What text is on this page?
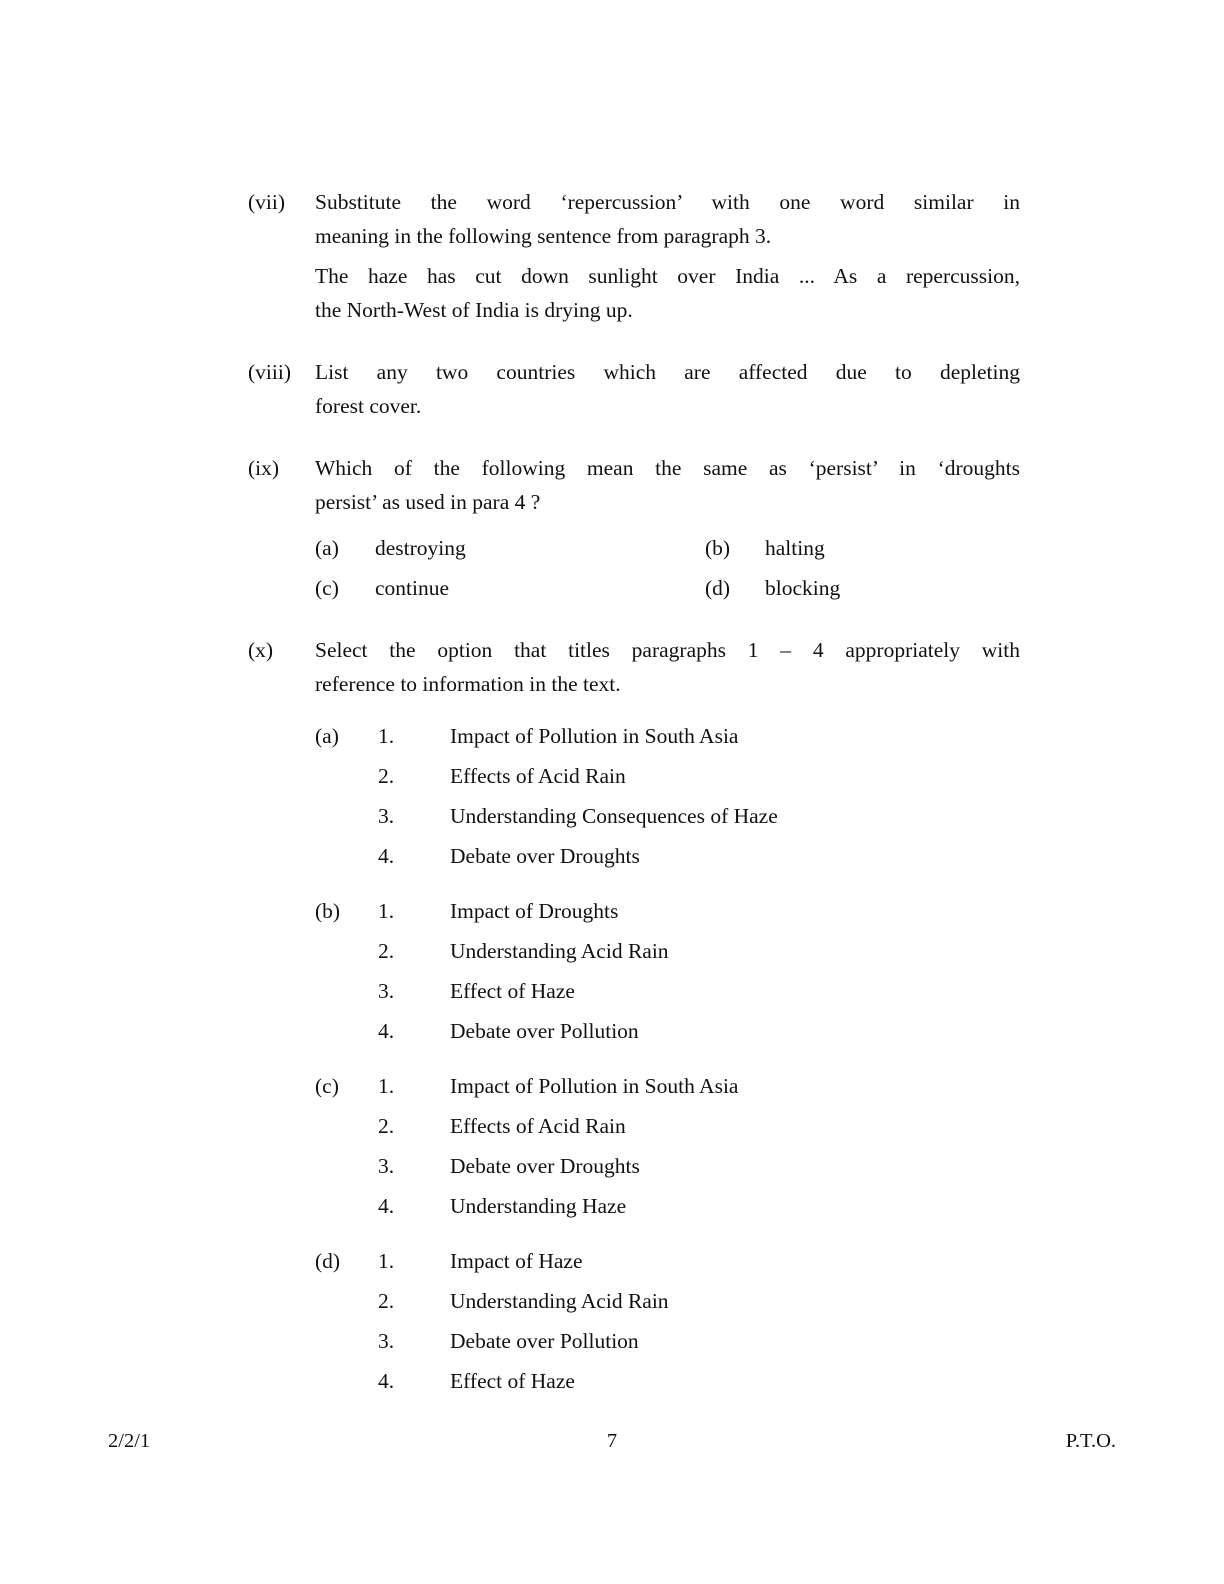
(vii)	Substitute the word ‘repercussion’ with one word similar in
meaning in the following sentence from paragraph 3.
The haze has cut down sunlight over India ... As a repercussion,
the North-West of India is drying up.
(viii)	List any two countries which are affected due to depleting
forest cover.
(ix)	Which of the following mean the same as ‘persist’ in ‘droughts
persist’ as used in para 4 ?
(a)	destroying	(b)	halting
(c)	continue	(d)	blocking
(x)	Select the option that titles paragraphs 1 – 4 appropriately with
reference to information in the text.
(a)	1.	Impact of Pollution in South Asia
2.	Effects of Acid Rain
3.	Understanding Consequences of Haze
4.	Debate over Droughts
(b)	1.	Impact of Droughts
2.	Understanding Acid Rain
3.	Effect of Haze
4.	Debate over Pollution
(c)	1.	Impact of Pollution in South Asia
2.	Effects of Acid Rain
3.	Debate over Droughts
4.	Understanding Haze
(d)	1.	Impact of Haze
2.	Understanding Acid Rain
3.	Debate over Pollution
4.	Effect of Haze
2/2/1	7	P.T.O.
